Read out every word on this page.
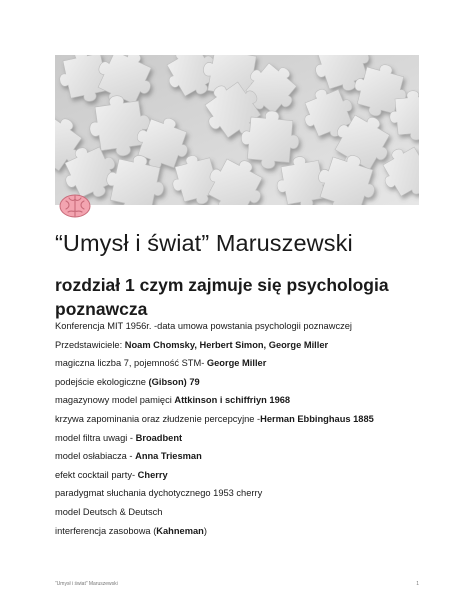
“Umysł i świat” Maruszewski
rozdział 1 czym zajmuje się psychologia poznawcza

Konferencja MIT 1956r. -data umowa powstania psychologii poznawczej

Przedstawiciele: Noam Chomsky, Herbert Simon, George Miller

magiczna liczba 7, pojemność STM- George Miller

podejście ekologiczne (Gibson) 79

magazynowy model pamięci Attkinson i schiffriyn 1968

krzywa zapominania oraz złudzenie percepcyjne -Herman Ebbinghaus 1885

model filtra uwagi - Broadbent

model osłabiacza - Anna Triesman

efekt cocktail party- Cherry

paradygmat słuchania dychotycznego 1953 cherry

model Deutsch & Deutsch

interferencja zasobowa (Kahneman)

“Umysł i świat” Maruszewski	1
